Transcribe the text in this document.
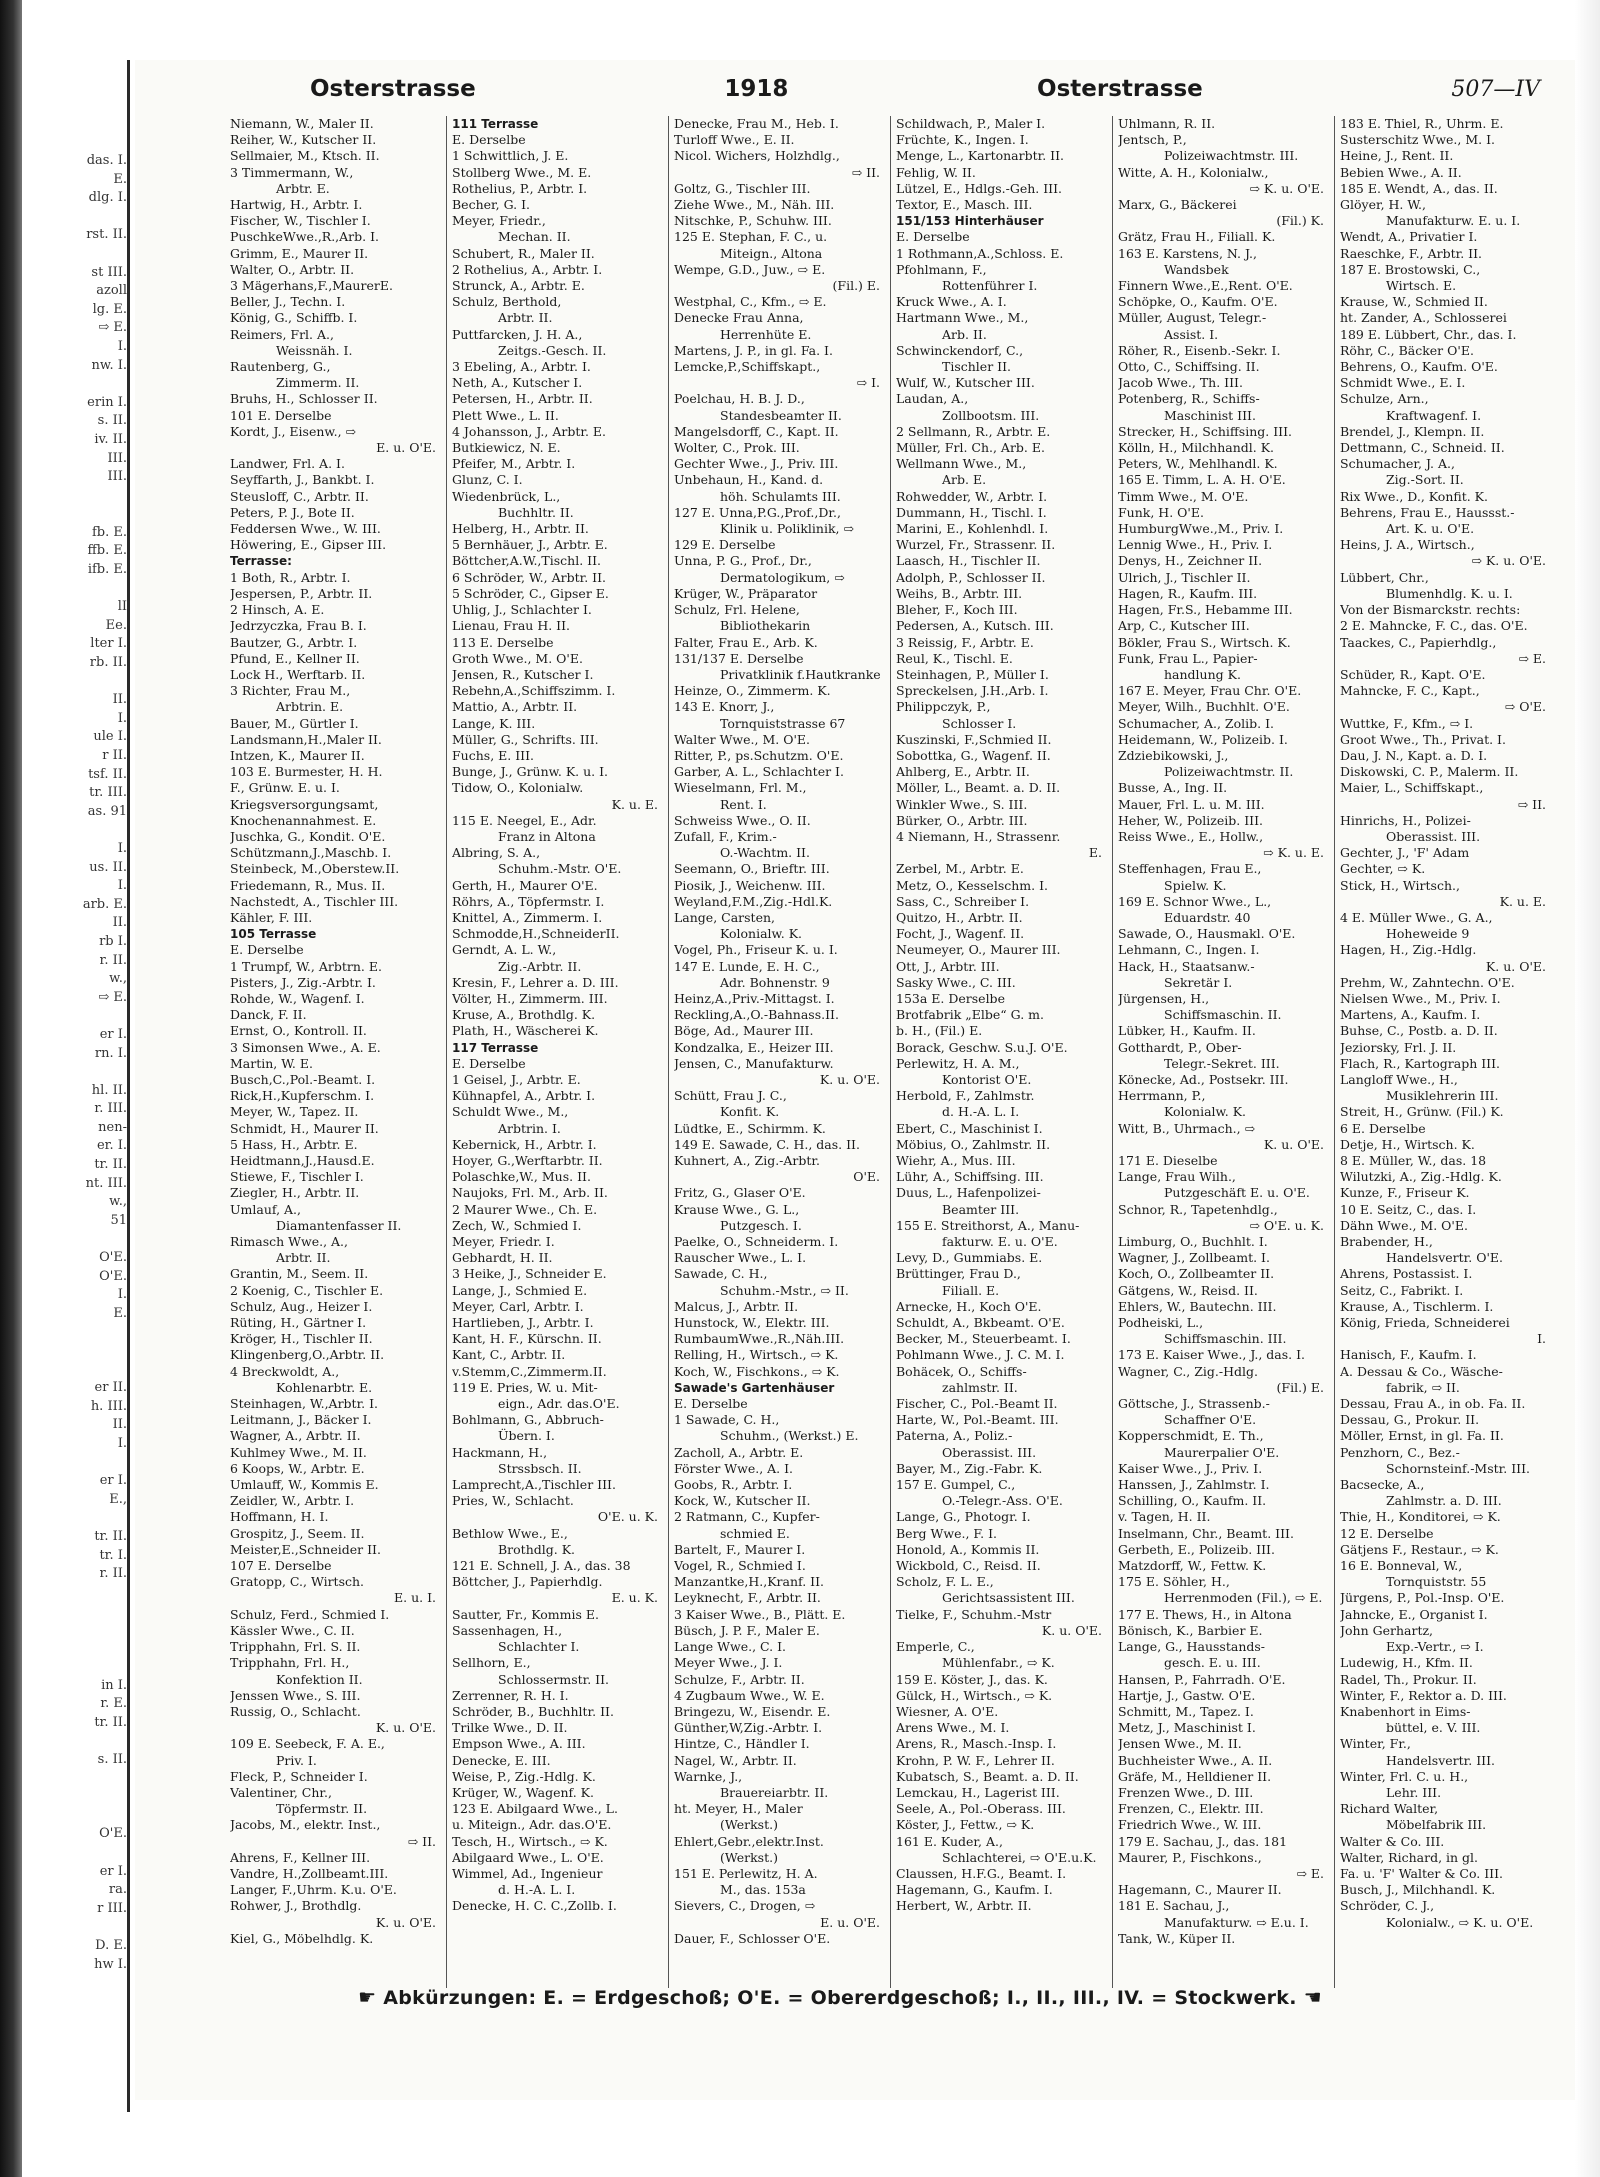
das. I.
E.
dlg. I.
rst. II.
st III.
azoll
lg. E.
⇨ E.
I.
nw. I.
erin I.
s. II.
iv. II.
III.
III.
fb. E.
ffb. E.
ifb. E.
lI
Ee.
lter I.
rb. II.
II.
I.
ule I.
r II.
tsf. II.
tr. III.
as. 91
I.
us. II.
I.
arb. E.
II.
rb I.
r. II.
w.,
⇨ E.
er I.
rn. I.
hl. II.
r. III.
nen-
er. I.
tr. II.
nt. III.
w.,
51
O'E.
O'E.
I.
E.
er II.
h. III.
II.
I.
er I.
E.,
tr. II.
tr. I.
r. II.
in I.
r. E.
tr. II.
s. II.
O'E.
er I.
ra.
r III.
D. E.
hw I.
Osterstrasse	1918	Osterstrasse	507—IV
Niemann, W., Maler II.
Reiher, W., Kutscher II.
Sellmaier, M., Ktsch. II.
3 Timmermann, W.,
Arbtr. E.
Hartwig, H., Arbtr. I.
Fischer, W., Tischler I.
PuschkeWwe.,R.,Arb. I.
Grimm, E., Maurer II.
Walter, O., Arbtr. II.
3 Mägerhans,F.,MaurerE.
Beller, J., Techn. I.
König, G., Schiffb. I.
Reimers, Frl. A.,
Weissnäh. I.
Rautenberg, G.,
Zimmerm. II.
Bruhs, H., Schlosser II.
101 E. Derselbe
Kordt, J., Eisenw., ⇨
E. u. O'E.
Landwer, Frl. A. I.
Seyffarth, J., Bankbt. I.
Steusloff, C., Arbtr. II.
Peters, P. J., Bote II.
Feddersen Wwe., W. III.
Höwering, E., Gipser III.
Terrasse:
1 Both, R., Arbtr. I.
Jespersen, P., Arbtr. II.
2 Hinsch, A. E.
Jedrzyczka, Frau B. I.
Bautzer, G., Arbtr. I.
Pfund, E., Kellner II.
Lock H., Werftarb. II.
3 Richter, Frau M.,
Arbtrin. E.
Bauer, M., Gürtler I.
Landsmann,H.,Maler II.
Intzen, K., Maurer II.
103 E. Burmester, H. H.
F., Grünw. E. u. I.
Kriegsversorgungsamt,
Knochenannahmest. E.
Juschka, G., Kondit. O'E.
Schützmann,J.,Maschb. I.
Steinbeck, M.,Oberstew.II.
Friedemann, R., Mus. II.
Nachstedt, A., Tischler III.
Kähler, F. III.
105 Terrasse
E. Derselbe
1 Trumpf, W., Arbtrn. E.
Pisters, J., Zig.-Arbtr. I.
Rohde, W., Wagenf. I.
Danck, F. II.
Ernst, O., Kontroll. II.
3 Simonsen Wwe., A. E.
Martin, W. E.
Busch,C.,Pol.-Beamt. I.
Rick,H.,Kupferschm. I.
Meyer, W., Tapez. II.
Schmidt, H., Maurer II.
5 Hass, H., Arbtr. E.
Heidtmann,J.,Hausd.E.
Stiewe, F., Tischler I.
Ziegler, H., Arbtr. II.
Umlauf, A.,
Diamantenfasser II.
Rimasch Wwe., A.,
Arbtr. II.
Grantin, M., Seem. II.
2 Koenig, C., Tischler E.
Schulz, Aug., Heizer I.
Rüting, H., Gärtner I.
Kröger, H., Tischler II.
Klingenberg,O.,Arbtr. II.
4 Breckwoldt, A.,
Kohlenarbtr. E.
Steinhagen, W.,Arbtr. I.
Leitmann, J., Bäcker I.
Wagner, A., Arbtr. II.
Kuhlmey Wwe., M. II.
6 Koops, W., Arbtr. E.
Umlauff, W., Kommis E.
Zeidler, W., Arbtr. I.
Hoffmann, H. I.
Grospitz, J., Seem. II.
Meister,E.,Schneider II.
107 E. Derselbe
Gratopp, C., Wirtsch.
E. u. I.
Schulz, Ferd., Schmied I.
Kässler Wwe., C. II.
Tripphahn, Frl. S. II.
Tripphahn, Frl. H.,
Konfektion II.
Jenssen Wwe., S. III.
Russig, O., Schlacht.
K. u. O'E.
109 E. Seebeck, F. A. E.,
Priv. I.
Fleck, P., Schneider I.
Valentiner, Chr.,
Töpfermstr. II.
Jacobs, M., elektr. Inst.,
⇨ II.
Ahrens, F., Kellner III.
Vandre, H.,Zollbeamt.III.
Langer, F.,Uhrm. K.u. O'E.
Rohwer, J., Brothdlg.
K. u. O'E.
Kiel, G., Möbelhdlg. K.
111 Terrasse
E. Derselbe
1 Schwittlich, J. E.
Stollberg Wwe., M. E.
Rothelius, P., Arbtr. I.
Becher, G. I.
Meyer, Friedr.,
Mechan. II.
Schubert, R., Maler II.
2 Rothelius, A., Arbtr. I.
Strunck, A., Arbtr. E.
Schulz, Berthold,
Arbtr. II.
Puttfarcken, J. H. A.,
Zeitgs.-Gesch. II.
3 Ebeling, A., Arbtr. I.
Neth, A., Kutscher I.
Petersen, H., Arbtr. II.
Plett Wwe., L. II.
4 Johansson, J., Arbtr. E.
Butkiewicz, N. E.
Pfeifer, M., Arbtr. I.
Glunz, C. I.
Wiedenbrück, L.,
Buchhltr. II.
Helberg, H., Arbtr. II.
5 Bernhäuer, J., Arbtr. E.
Böttcher,A.W.,Tischl. II.
6 Schröder, W., Arbtr. II.
5 Schröder, C., Gipser E.
Uhlig, J., Schlachter I.
Lienau, Frau H. II.
113 E. Derselbe
Groth Wwe., M. O'E.
Jensen, R., Kutscher I.
Rebehn,A.,Schiffszimm. I.
Mattio, A., Arbtr. II.
Lange, K. III.
Müller, G., Schrifts. III.
Fuchs, E. III.
Bunge, J., Grünw. K. u. I.
Tidow, O., Kolonialw.
K. u. E.
115 E. Neegel, E., Adr.
Franz in Altona
Albring, S. A.,
Schuhm.-Mstr. O'E.
Gerth, H., Maurer O'E.
Röhrs, A., Töpfermstr. I.
Knittel, A., Zimmerm. I.
Schmodde,H.,SchneiderII.
Gerndt, A. L. W.,
Zig.-Arbtr. II.
Kresin, F., Lehrer a. D. III.
Völter, H., Zimmerm. III.
Kruse, A., Brothdlg. K.
Plath, H., Wäscherei K.
117 Terrasse
E. Derselbe
1 Geisel, J., Arbtr. E.
Kühnapfel, A., Arbtr. I.
Schuldt Wwe., M.,
Arbtrin. I.
Kebernick, H., Arbtr. I.
Hoyer, G.,Werftarbtr. II.
Polaschke,W., Mus. II.
Naujoks, Frl. M., Arb. II.
2 Maurer Wwe., Ch. E.
Zech, W., Schmied I.
Meyer, Friedr. I.
Gebhardt, H. II.
3 Heike, J., Schneider E.
Lange, J., Schmied E.
Meyer, Carl, Arbtr. I.
Hartlieben, J., Arbtr. I.
Kant, H. F., Kürschn. II.
Kant, C., Arbtr. II.
v.Stemm,C.,Zimmerm.II.
119 E. Pries, W. u. Mit-
eign., Adr. das.O'E.
Bohlmann, G., Abbruch-
Übern. I.
Hackmann, H.,
Strssbsch. II.
Lamprecht,A.,Tischler III.
Pries, W., Schlacht.
O'E. u. K.
Bethlow Wwe., E.,
Brothdlg. K.
121 E. Schnell, J. A., das. 38
Böttcher, J., Papierhdlg.
E. u. K.
Sautter, Fr., Kommis E.
Sassenhagen, H.,
Schlachter I.
Sellhorn, E.,
Schlossermstr. II.
Zerrenner, R. H. I.
Schröder, B., Buchhltr. II.
Trilke Wwe., D. II.
Empson Wwe., A. III.
Denecke, E. III.
Weise, P., Zig.-Hdlg. K.
Krüger, W., Wagenf. K.
123 E. Abilgaard Wwe., L.
u. Miteign., Adr. das.O'E.
Tesch, H., Wirtsch., ⇨ K.
Abilgaard Wwe., L. O'E.
Wimmel, Ad., Ingenieur
d. H.-A. L. I.
Denecke, H. C. C.,Zollb. I.
Denecke, Frau M., Heb. I.
Turloff Wwe., E. II.
Nicol. Wichers, Holzhdlg.,
⇨ II.
Goltz, G., Tischler III.
Ziehe Wwe., M., Näh. III.
Nitschke, P., Schuhw. III.
125 E. Stephan, F. C., u.
Miteign., Altona
Wempe, G.D., Juw., ⇨ E.
(Fil.) E.
Westphal, C., Kfm., ⇨ E.
Denecke Frau Anna,
Herrenhüte E.
Martens, J. P., in gl. Fa. I.
Lemcke,P.,Schiffskapt.,
⇨ I.
Poelchau, H. B. J. D.,
Standesbeamter II.
Mangelsdorff, C., Kapt. II.
Wolter, C., Prok. III.
Gechter Wwe., J., Priv. III.
Unbehaun, H., Kand. d.
höh. Schulamts III.
127 E. Unna,P.G.,Prof.,Dr.,
Klinik u. Poliklinik, ⇨
129 E. Derselbe
Unna, P. G., Prof., Dr.,
Dermatologikum, ⇨
Krüger, W., Präparator
Schulz, Frl. Helene,
Bibliothekarin
Falter, Frau E., Arb. K.
131/137 E. Derselbe
Privatklinik f.Hautkranke
Heinze, O., Zimmerm. K.
143 E. Knorr, J.,
Tornquiststrasse 67
Walter Wwe., M. O'E.
Ritter, P., ps.Schutzm. O'E.
Garber, A. L., Schlachter I.
Wieselmann, Frl. M.,
Rent. I.
Schweiss Wwe., O. II.
Zufall, F., Krim.-
O.-Wachtm. II.
Seemann, O., Brieftr. III.
Piosik, J., Weichenw. III.
Weyland,F.M.,Zig.-Hdl.K.
Lange, Carsten,
Kolonialw. K.
Vogel, Ph., Friseur K. u. I.
147 E. Lunde, E. H. C.,
Adr. Bohnenstr. 9
Heinz,A.,Priv.-Mittagst. I.
Reckling,A.,O.-Bahnass.II.
Böge, Ad., Maurer III.
Kondzalka, E., Heizer III.
Jensen, C., Manufakturw.
K. u. O'E.
Schütt, Frau J. C.,
Konfit. K.
Lüdtke, E., Schirmm. K.
149 E. Sawade, C. H., das. II.
Kuhnert, A., Zig.-Arbtr.
O'E.
Fritz, G., Glaser O'E.
Krause Wwe., G. L.,
Putzgesch. I.
Paelke, O., Schneiderm. I.
Rauscher Wwe., L. I.
Sawade, C. H.,
Schuhm.-Mstr., ⇨ II.
Malcus, J., Arbtr. II.
Hunstock, W., Elektr. III.
RumbaumWwe.,R.,Näh.III.
Relling, H., Wirtsch., ⇨ K.
Koch, W., Fischkons., ⇨ K.
Sawade's Gartenhäuser
E. Derselbe
1 Sawade, C. H.,
Schuhm., (Werkst.) E.
Zacholl, A., Arbtr. E.
Förster Wwe., A. I.
Goobs, R., Arbtr. I.
Kock, W., Kutscher II.
2 Ratmann, C., Kupfer-
schmied E.
Bartelt, F., Maurer I.
Vogel, R., Schmied I.
Manzantke,H.,Kranf. II.
Leyknecht, F., Arbtr. II.
3 Kaiser Wwe., B., Plätt. E.
Büsch, J. P. F., Maler E.
Lange Wwe., C. I.
Meyer Wwe., J. I.
Schulze, F., Arbtr. II.
4 Zugbaum Wwe., W. E.
Bringezu, W., Eisendr. E.
Günther,W,Zig.-Arbtr. I.
Hintze, C., Händler I.
Nagel, W., Arbtr. II.
Warnke, J.,
Brauereiarbtr. II.
ht. Meyer, H., Maler
(Werkst.)
Ehlert,Gebr.,elektr.Inst.
(Werkst.)
151 E. Perlewitz, H. A.
M., das. 153a
Sievers, C., Drogen, ⇨
E. u. O'E.
Dauer, F., Schlosser O'E.
Schildwach, P., Maler I.
Früchte, K., Ingen. I.
Menge, L., Kartonarbtr. II.
Fehlig, W. II.
Lützel, E., Hdlgs.-Geh. III.
Textor, E., Masch. III.
151/153 Hinterhäuser
E. Derselbe
1 Rothmann,A.,Schloss. E.
Pfohlmann, F.,
Rottenführer I.
Kruck Wwe., A. I.
Hartmann Wwe., M.,
Arb. II.
Schwinckendorf, C.,
Tischler II.
Wulf, W., Kutscher III.
Laudan, A.,
Zollbootsm. III.
2 Sellmann, R., Arbtr. E.
Müller, Frl. Ch., Arb. E.
Wellmann Wwe., M.,
Arb. E.
Rohwedder, W., Arbtr. I.
Dummann, H., Tischl. I.
Marini, E., Kohlenhdl. I.
Wurzel, Fr., Strassenr. II.
Laasch, H., Tischler II.
Adolph, P., Schlosser II.
Weihs, B., Arbtr. III.
Bleher, F., Koch III.
Pedersen, A., Kutsch. III.
3 Reissig, F., Arbtr. E.
Reul, K., Tischl. E.
Steinhagen, P., Müller I.
Spreckelsen, J.H.,Arb. I.
Philippczyk, P.,
Schlosser I.
Kuszinski, F.,Schmied II.
Sobottka, G., Wagenf. II.
Ahlberg, E., Arbtr. II.
Möller, L., Beamt. a. D. II.
Winkler Wwe., S. III.
Bürker, O., Arbtr. III.
4 Niemann, H., Strassenr.
E.
Zerbel, M., Arbtr. E.
Metz, O., Kesselschm. I.
Sass, C., Schreiber I.
Quitzo, H., Arbtr. II.
Focht, J., Wagenf. II.
Neumeyer, O., Maurer III.
Ott, J., Arbtr. III.
Sasky Wwe., C. III.
153a E. Derselbe
Brotfabrik „Elbe“ G. m.
b. H., (Fil.) E.
Borack, Geschw. S.u.J. O'E.
Perlewitz, H. A. M.,
Kontorist O'E.
Herbold, F., Zahlmstr.
d. H.-A. L. I.
Ebert, C., Maschinist I.
Möbius, O., Zahlmstr. II.
Wiehr, A., Mus. III.
Lühr, A., Schiffsing. III.
Duus, L., Hafenpolizei-
Beamter III.
155 E. Streithorst, A., Manu-
fakturw. E. u. O'E.
Levy, D., Gummiabs. E.
Brüttinger, Frau D.,
Filiall. E.
Arnecke, H., Koch O'E.
Schuldt, A., Bkbeamt. O'E.
Becker, M., Steuerbeamt. I.
Pohlmann Wwe., J. C. M. I.
Bohäcek, O., Schiffs-
zahlmstr. II.
Fischer, C., Pol.-Beamt II.
Harte, W., Pol.-Beamt. III.
Paterna, A., Poliz.-
Oberassist. III.
Bayer, M., Zig.-Fabr. K.
157 E. Gumpel, C.,
O.-Telegr.-Ass. O'E.
Lange, G., Photogr. I.
Berg Wwe., F. I.
Honold, A., Kommis II.
Wickbold, C., Reisd. II.
Scholz, F. L. E.,
Gerichtsassistent III.
Tielke, F., Schuhm.-Mstr
K. u. O'E.
Emperle, C.,
Mühlenfabr., ⇨ K.
159 E. Köster, J., das. K.
Gülck, H., Wirtsch., ⇨ K.
Wiesner, A. O'E.
Arens Wwe., M. I.
Arens, R., Masch.-Insp. I.
Krohn, P. W. F., Lehrer II.
Kubatsch, S., Beamt. a. D. II.
Lemckau, H., Lagerist III.
Seele, A., Pol.-Oberass. III.
Köster, J., Fettw., ⇨ K.
161 E. Kuder, A.,
Schlachterei, ⇨ O'E.u.K.
Claussen, H.F.G., Beamt. I.
Hagemann, G., Kaufm. I.
Herbert, W., Arbtr. II.
Uhlmann, R. II.
Jentsch, P.,
Polizeiwachtmstr. III.
Witte, A. H., Kolonialw.,
⇨ K. u. O'E.
Marx, G., Bäckerei
(Fil.) K.
Grätz, Frau H., Filiall. K.
163 E. Karstens, N. J.,
Wandsbek
Finnern Wwe.,E.,Rent. O'E.
Schöpke, O., Kaufm. O'E.
Müller, August, Telegr.-
Assist. I.
Röher, R., Eisenb.-Sekr. I.
Otto, C., Schiffsing. II.
Jacob Wwe., Th. III.
Potenberg, R., Schiffs-
Maschinist III.
Strecker, H., Schiffsing. III.
Kölln, H., Milchhandl. K.
Peters, W., Mehlhandl. K.
165 E. Timm, L. A. H. O'E.
Timm Wwe., M. O'E.
Funk, H. O'E.
HumburgWwe.,M., Priv. I.
Lennig Wwe., H., Priv. I.
Denys, H., Zeichner II.
Ulrich, J., Tischler II.
Hagen, R., Kaufm. III.
Hagen, Fr.S., Hebamme III.
Arp, C., Kutscher III.
Bökler, Frau S., Wirtsch. K.
Funk, Frau L., Papier-
handlung K.
167 E. Meyer, Frau Chr. O'E.
Meyer, Wilh., Buchhlt. O'E.
Schumacher, A., Zolib. I.
Heidemann, W., Polizeib. I.
Zdziebikowski, J.,
Polizeiwachtmstr. II.
Busse, A., Ing. II.
Mauer, Frl. L. u. M. III.
Heher, W., Polizeib. III.
Reiss Wwe., E., Hollw.,
⇨ K. u. E.
Steffenhagen, Frau E.,
Spielw. K.
169 E. Schnor Wwe., L.,
Eduardstr. 40
Sawade, O., Hausmakl. O'E.
Lehmann, C., Ingen. I.
Hack, H., Staatsanw.-
Sekretär I.
Jürgensen, H.,
Schiffsmaschin. II.
Lübker, H., Kaufm. II.
Gotthardt, P., Ober-
Telegr.-Sekret. III.
Könecke, Ad., Postsekr. III.
Herrmann, P.,
Kolonialw. K.
Witt, B., Uhrmach., ⇨
K. u. O'E.
171 E. Dieselbe
Lange, Frau Wilh.,
Putzgeschäft E. u. O'E.
Schnor, R., Tapetenhdlg.,
⇨ O'E. u. K.
Limburg, O., Buchhlt. I.
Wagner, J., Zollbeamt. I.
Koch, O., Zollbeamter II.
Gätgens, W., Reisd. II.
Ehlers, W., Bautechn. III.
Podheiski, L.,
Schiffsmaschin. III.
173 E. Kaiser Wwe., J., das. I.
Wagner, C., Zig.-Hdlg.
(Fil.) E.
Göttsche, J., Strassenb.-
Schaffner O'E.
Kopperschmidt, E. Th.,
Maurerpalier O'E.
Kaiser Wwe., J., Priv. I.
Hanssen, J., Zahlmstr. I.
Schilling, O., Kaufm. II.
v. Tagen, H. II.
Inselmann, Chr., Beamt. III.
Gerbeth, E., Polizeib. III.
Matzdorff, W., Fettw. K.
175 E. Söhler, H.,
Herrenmoden (Fil.), ⇨ E.
177 E. Thews, H., in Altona
Bönisch, K., Barbier E.
Lange, G., Hausstands-
gesch. E. u. III.
Hansen, P., Fahrradh. O'E.
Hartje, J., Gastw. O'E.
Schmitt, M., Tapez. I.
Metz, J., Maschinist I.
Jensen Wwe., M. II.
Buchheister Wwe., A. II.
Gräfe, M., Helldiener II.
Frenzen Wwe., D. III.
Frenzen, C., Elektr. III.
Friedrich Wwe., W. III.
179 E. Sachau, J., das. 181
Maurer, P., Fischkons.,
⇨ E.
Hagemann, C., Maurer II.
181 E. Sachau, J.,
Manufakturw. ⇨ E.u. I.
Tank, W., Küper II.
183 E. Thiel, R., Uhrm. E.
Susterschitz Wwe., M. I.
Heine, J., Rent. II.
Bebien Wwe., A. II.
185 E. Wendt, A., das. II.
Glöyer, H. W.,
Manufakturw. E. u. I.
Wendt, A., Privatier I.
Raeschke, F., Arbtr. II.
187 E. Brostowski, C.,
Wirtsch. E.
Krause, W., Schmied II.
ht. Zander, A., Schlosserei
189 E. Lübbert, Chr., das. I.
Röhr, C., Bäcker O'E.
Behrens, O., Kaufm. O'E.
Schmidt Wwe., E. I.
Schulze, Arn.,
Kraftwagenf. I.
Brendel, J., Klempn. II.
Dettmann, C., Schneid. II.
Schumacher, J. A.,
Zig.-Sort. II.
Rix Wwe., D., Konfit. K.
Behrens, Frau E., Haussst.-
Art. K. u. O'E.
Heins, J. A., Wirtsch.,
⇨ K. u. O'E.
Lübbert, Chr.,
Blumenhdlg. K. u. I.
Von der Bismarckstr. rechts:
2 E. Mahncke, F. C., das. O'E.
Taackes, C., Papierhdlg.,
⇨ E.
Schüder, R., Kapt. O'E.
Mahncke, F. C., Kapt.,
⇨ O'E.
Wuttke, F., Kfm., ⇨ I.
Groot Wwe., Th., Privat. I.
Dau, J. N., Kapt. a. D. I.
Diskowski, C. P., Malerm. II.
Maier, L., Schiffskapt.,
⇨ II.
Hinrichs, H., Polizei-
Oberassist. III.
Gechter, J., 'F' Adam
Gechter, ⇨ K.
Stick, H., Wirtsch.,
K. u. E.
4 E. Müller Wwe., G. A.,
Hoheweide 9
Hagen, H., Zig.-Hdlg.
K. u. O'E.
Prehm, W., Zahntechn. O'E.
Nielsen Wwe., M., Priv. I.
Martens, A., Kaufm. I.
Buhse, C., Postb. a. D. II.
Jeziorsky, Frl. J. II.
Flach, R., Kartograph III.
Langloff Wwe., H.,
Musiklehrerin III.
Streit, H., Grünw. (Fil.) K.
6 E. Derselbe
Detje, H., Wirtsch. K.
8 E. Müller, W., das. 18
Wilutzki, A., Zig.-Hdlg. K.
Kunze, F., Friseur K.
10 E. Seitz, C., das. I.
Dähn Wwe., M. O'E.
Brabender, H.,
Handelsvertr. O'E.
Ahrens, Postassist. I.
Seitz, C., Fabrikt. I.
Krause, A., Tischlerm. I.
König, Frieda, Schneiderei
I.
Hanisch, F., Kaufm. I.
A. Dessau & Co., Wäsche-
fabrik, ⇨ II.
Dessau, Frau A., in ob. Fa. II.
Dessau, G., Prokur. II.
Möller, Ernst, in gl. Fa. II.
Penzhorn, C., Bez.-
Schornsteinf.-Mstr. III.
Bacsecke, A.,
Zahlmstr. a. D. III.
Thie, H., Konditorei, ⇨ K.
12 E. Derselbe
Gätjens F., Restaur., ⇨ K.
16 E. Bonneval, W.,
Tornquiststr. 55
Jürgens, P., Pol.-Insp. O'E.
Jahncke, E., Organist I.
John Gerhartz,
Exp.-Vertr., ⇨ I.
Ludewig, H., Kfm. II.
Radel, Th., Prokur. II.
Winter, F., Rektor a. D. III.
Knabenhort in Eims-
büttel, e. V. III.
Winter, Fr.,
Handelsvertr. III.
Winter, Frl. C. u. H.,
Lehr. III.
Richard Walter,
Möbelfabrik III.
Walter & Co. III.
Walter, Richard, in gl.
Fa. u. 'F' Walter & Co. III.
Busch, J., Milchhandl. K.
Schröder, C. J.,
Kolonialw., ⇨ K. u. O'E.
☛ Abkürzungen: E. = Erdgeschoß; O'E. = Obererdgeschoß; I., II., III., IV. = Stockwerk. ☚
